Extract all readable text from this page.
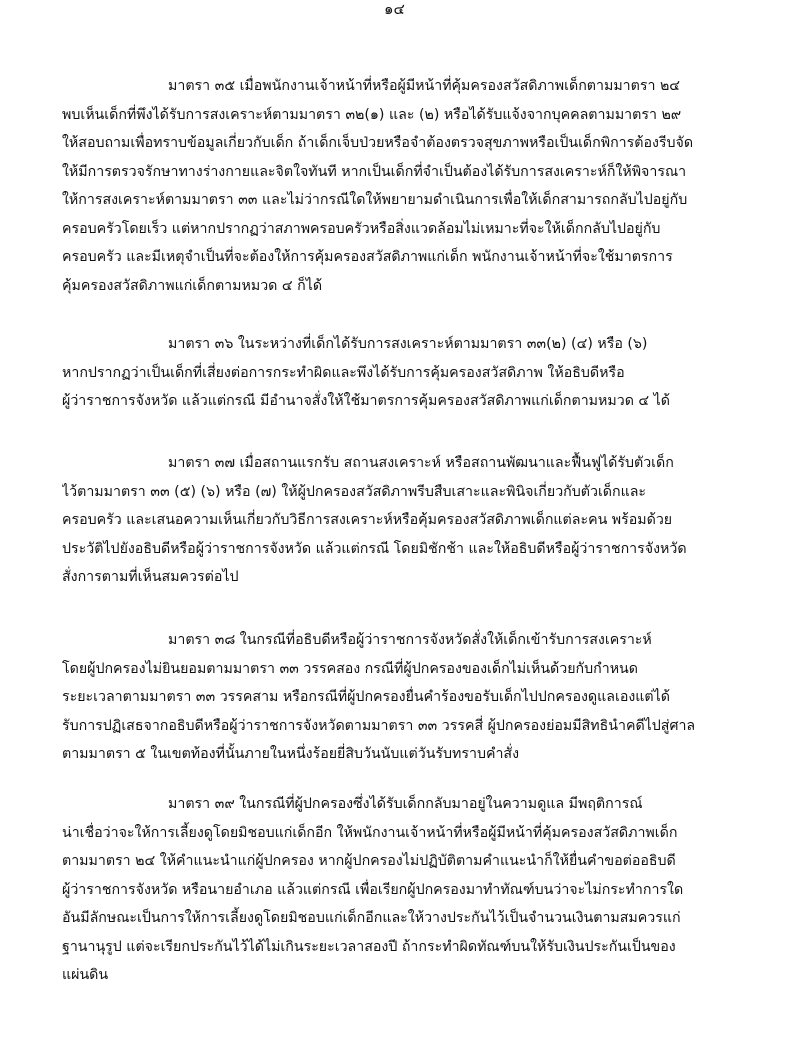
๑๔
มาตรา ๓๕ เมื่อพนักงานเจ้าหน้าที่หรือผู้มีหน้าที่คุ้มครองสวัสดิภาพเด็กตามมาตรา ๒๔
พบเห็นเด็กที่พึงได้รับการสงเคราะห์ตามมาตรา ๓๒(๑) และ (๒) หรือได้รับแจ้งจากบุคคลตามมาตรา ๒๙
ให้สอบถามเพื่อทราบข้อมูลเกี่ยวกับเด็ก ถ้าเด็กเจ็บป่วยหรือจำต้องตรวจสุขภาพหรือเป็นเด็กพิการต้องรีบจัด
ให้มีการตรวจรักษาทางร่างกายและจิตใจทันที หากเป็นเด็กที่จำเป็นต้องได้รับการสงเคราะห์ก็ให้พิจารณา
ให้การสงเคราะห์ตามมาตรา ๓๓ และไม่ว่ากรณีใดให้พยายามดำเนินการเพื่อให้เด็กสามารถกลับไปอยู่กับ
ครอบครัวโดยเร็ว แต่หากปรากฏว่าสภาพครอบครัวหรือสิ่งแวดล้อมไม่เหมาะที่จะให้เด็กกลับไปอยู่กับ
ครอบครัว และมีเหตุจำเป็นที่จะต้องให้การคุ้มครองสวัสดิภาพแก่เด็ก พนักงานเจ้าหน้าที่จะใช้มาตรการ
คุ้มครองสวัสดิภาพแก่เด็กตามหมวด ๔ ก็ได้
มาตรา ๓๖ ในระหว่างที่เด็กได้รับการสงเคราะห์ตามมาตรา ๓๓(๒) (๔) หรือ (๖)
หากปรากฏว่าเป็นเด็กที่เสี่ยงต่อการกระทำผิดและพึงได้รับการคุ้มครองสวัสดิภาพ ให้อธิบดีหรือ
ผู้ว่าราชการจังหวัด แล้วแต่กรณี มีอำนาจสั่งให้ใช้มาตรการคุ้มครองสวัสดิภาพแก่เด็กตามหมวด ๔ ได้
มาตรา ๓๗ เมื่อสถานแรกรับ สถานสงเคราะห์ หรือสถานพัฒนาและฟื้นฟูได้รับตัวเด็ก
ไว้ตามมาตรา ๓๓ (๕) (๖) หรือ (๗) ให้ผู้ปกครองสวัสดิภาพรีบสืบเสาะและพินิจเกี่ยวกับตัวเด็กและ
ครอบครัว และเสนอความเห็นเกี่ยวกับวิธีการสงเคราะห์หรือคุ้มครองสวัสดิภาพเด็กแต่ละคน พร้อมด้วย
ประวัติไปยังอธิบดีหรือผู้ว่าราชการจังหวัด แล้วแต่กรณี โดยมิชักช้า และให้อธิบดีหรือผู้ว่าราชการจังหวัด
สั่งการตามที่เห็นสมควรต่อไป
มาตรา ๓๘ ในกรณีที่อธิบดีหรือผู้ว่าราชการจังหวัดสั่งให้เด็กเข้ารับการสงเคราะห์
โดยผู้ปกครองไม่ยินยอมตามมาตรา ๓๓ วรรคสอง กรณีที่ผู้ปกครองของเด็กไม่เห็นด้วยกับกำหนด
ระยะเวลาตามมาตรา ๓๓ วรรคสาม หรือกรณีที่ผู้ปกครองยื่นคำร้องขอรับเด็กไปปกครองดูแลเองแต่ได้
รับการปฏิเสธจากอธิบดีหรือผู้ว่าราชการจังหวัดตามมาตรา ๓๓ วรรคสี่ ผู้ปกครองย่อมมีสิทธินำคดีไปสู่ศาล
ตามมาตรา ๕ ในเขตท้องที่นั้นภายในหนึ่งร้อยยี่สิบวันนับแต่วันรับทราบคำสั่ง
มาตรา ๓๙ ในกรณีที่ผู้ปกครองซึ่งได้รับเด็กกลับมาอยู่ในความดูแล มีพฤติการณ์
น่าเชื่อว่าจะให้การเลี้ยงดูโดยมิชอบแก่เด็กอีก ให้พนักงานเจ้าหน้าที่หรือผู้มีหน้าที่คุ้มครองสวัสดิภาพเด็ก
ตามมาตรา ๒๔ ให้คำแนะนำแก่ผู้ปกครอง หากผู้ปกครองไม่ปฏิบัติตามคำแนะนำก็ให้ยื่นคำขอต่ออธิบดี
ผู้ว่าราชการจังหวัด หรือนายอำเภอ แล้วแต่กรณี เพื่อเรียกผู้ปกครองมาทำทัณฑ์บนว่าจะไม่กระทำการใด
อันมีลักษณะเป็นการให้การเลี้ยงดูโดยมิชอบแก่เด็กอีกและให้วางประกันไว้เป็นจำนวนเงินตามสมควรแก่
ฐานานุรูป แต่จะเรียกประกันไว้ได้ไม่เกินระยะเวลาสองปี ถ้ากระทำผิดทัณฑ์บนให้รับเงินประกันเป็นของ
แผ่นดิน
